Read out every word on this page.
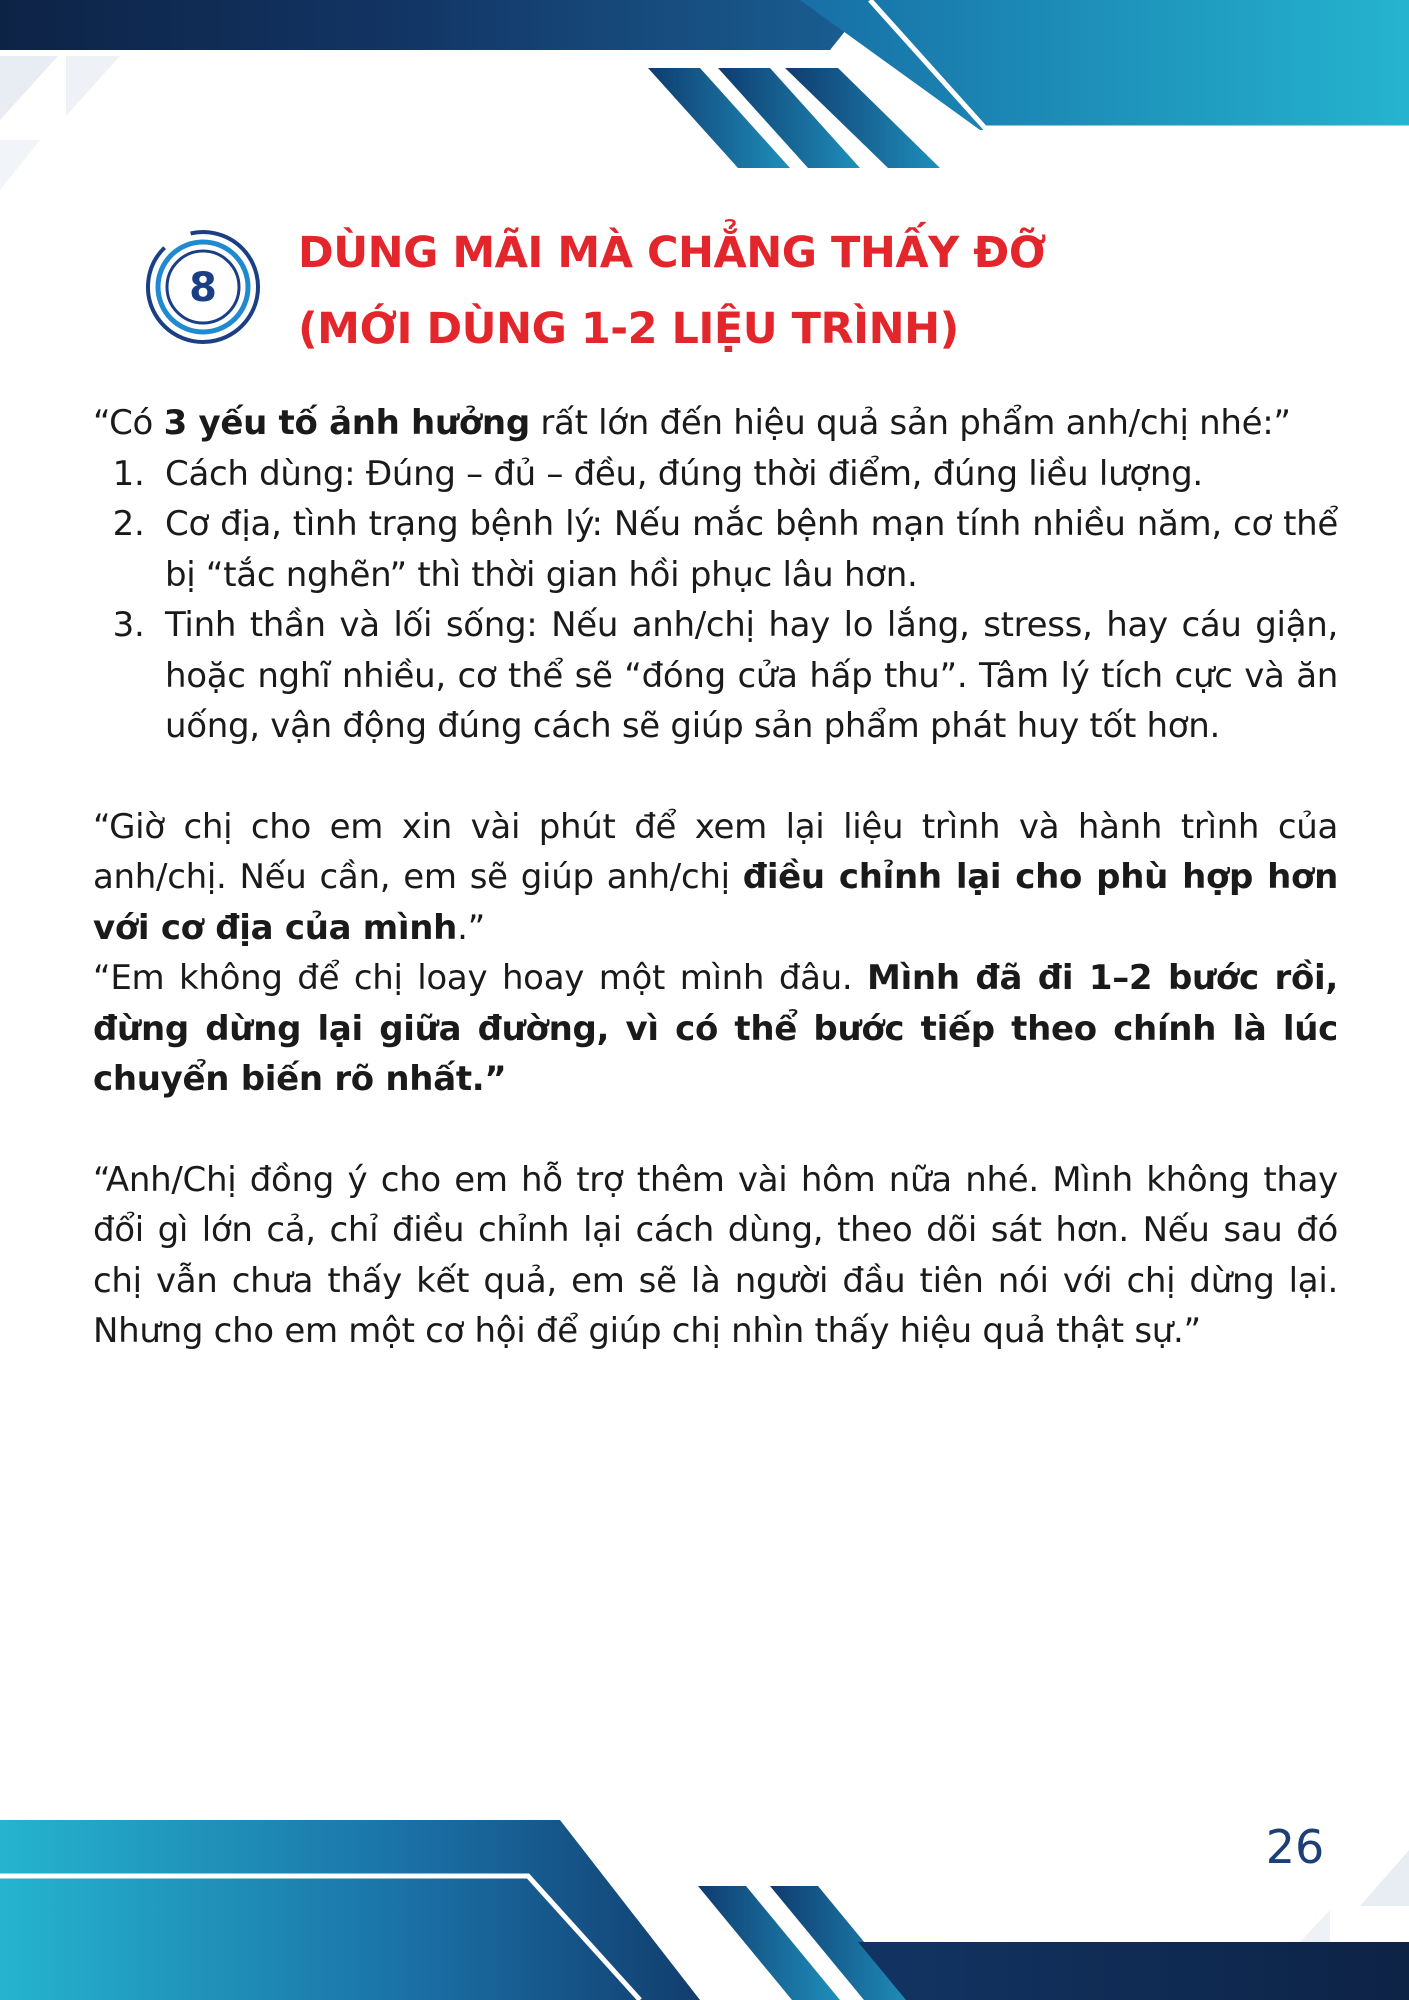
8
DÙNG MÃI MÀ CHẲNG THẤY ĐỠ
(MỚI DÙNG 1-2 LIỆU TRÌNH)

“Có 3 yếu tố ảnh hưởng rất lớn đến hiệu quả sản phẩm anh/chị nhé:”

1. Cách dùng: Đúng – đủ – đều, đúng thời điểm, đúng liều lượng.
2. Cơ địa, tình trạng bệnh lý: Nếu mắc bệnh mạn tính nhiều năm, cơ thể bị “tắc nghẽn” thì thời gian hồi phục lâu hơn.
3. Tinh thần và lối sống: Nếu anh/chị hay lo lắng, stress, hay cáu giận, hoặc nghĩ nhiều, cơ thể sẽ “đóng cửa hấp thu”. Tâm lý tích cực và ăn uống, vận động đúng cách sẽ giúp sản phẩm phát huy tốt hơn.

“Giờ chị cho em xin vài phút để xem lại liệu trình và hành trình của anh/chị. Nếu cần, em sẽ giúp anh/chị điều chỉnh lại cho phù hợp hơn với cơ địa của mình.”

“Em không để chị loay hoay một mình đâu. Mình đã đi 1–2 bước rồi, đừng dừng lại giữa đường, vì có thể bước tiếp theo chính là lúc chuyển biến rõ nhất.”

“Anh/Chị đồng ý cho em hỗ trợ thêm vài hôm nữa nhé. Mình không thay đổi gì lớn cả, chỉ điều chỉnh lại cách dùng, theo dõi sát hơn. Nếu sau đó chị vẫn chưa thấy kết quả, em sẽ là người đầu tiên nói với chị dừng lại. Nhưng cho em một cơ hội để giúp chị nhìn thấy hiệu quả thật sự.”

26
